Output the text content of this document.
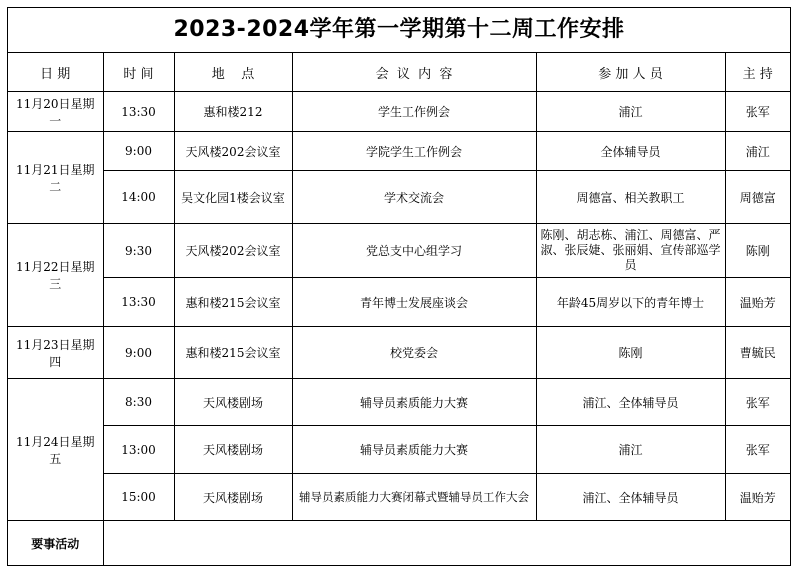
2023-2024学年第一学期第十二周工作安排
日 期	时 间	地    点	会  议  内  容	参 加 人 员	主 持
11月20日星期一	13:30	惠和楼212	学生工作例会	浦江	张军
11月21日星期二	9:00	天风楼202会议室	学院学生工作例会	全体辅导员	浦江
	14:00	吴文化园1楼会议室	学术交流会	周德富、相关教职工	周德富
11月22日星期三	9:30	天风楼202会议室	党总支中心组学习	陈刚、胡志栋、浦江、周德富、严淑、张辰婕、张丽娟、宣传部巡学员	陈刚
	13:30	惠和楼215会议室	青年博士发展座谈会	年龄45周岁以下的青年博士	温贻芳
11月23日星期四	9:00	惠和楼215会议室	校党委会	陈刚	曹毓民
11月24日星期五	8:30	天风楼剧场	辅导员素质能力大赛	浦江、全体辅导员	张军
	13:00	天风楼剧场	辅导员素质能力大赛	浦江	张军
	15:00	天风楼剧场	辅导员素质能力大赛闭幕式暨辅导员工作大会	浦江、全体辅导员	温贻芳
要事活动					
